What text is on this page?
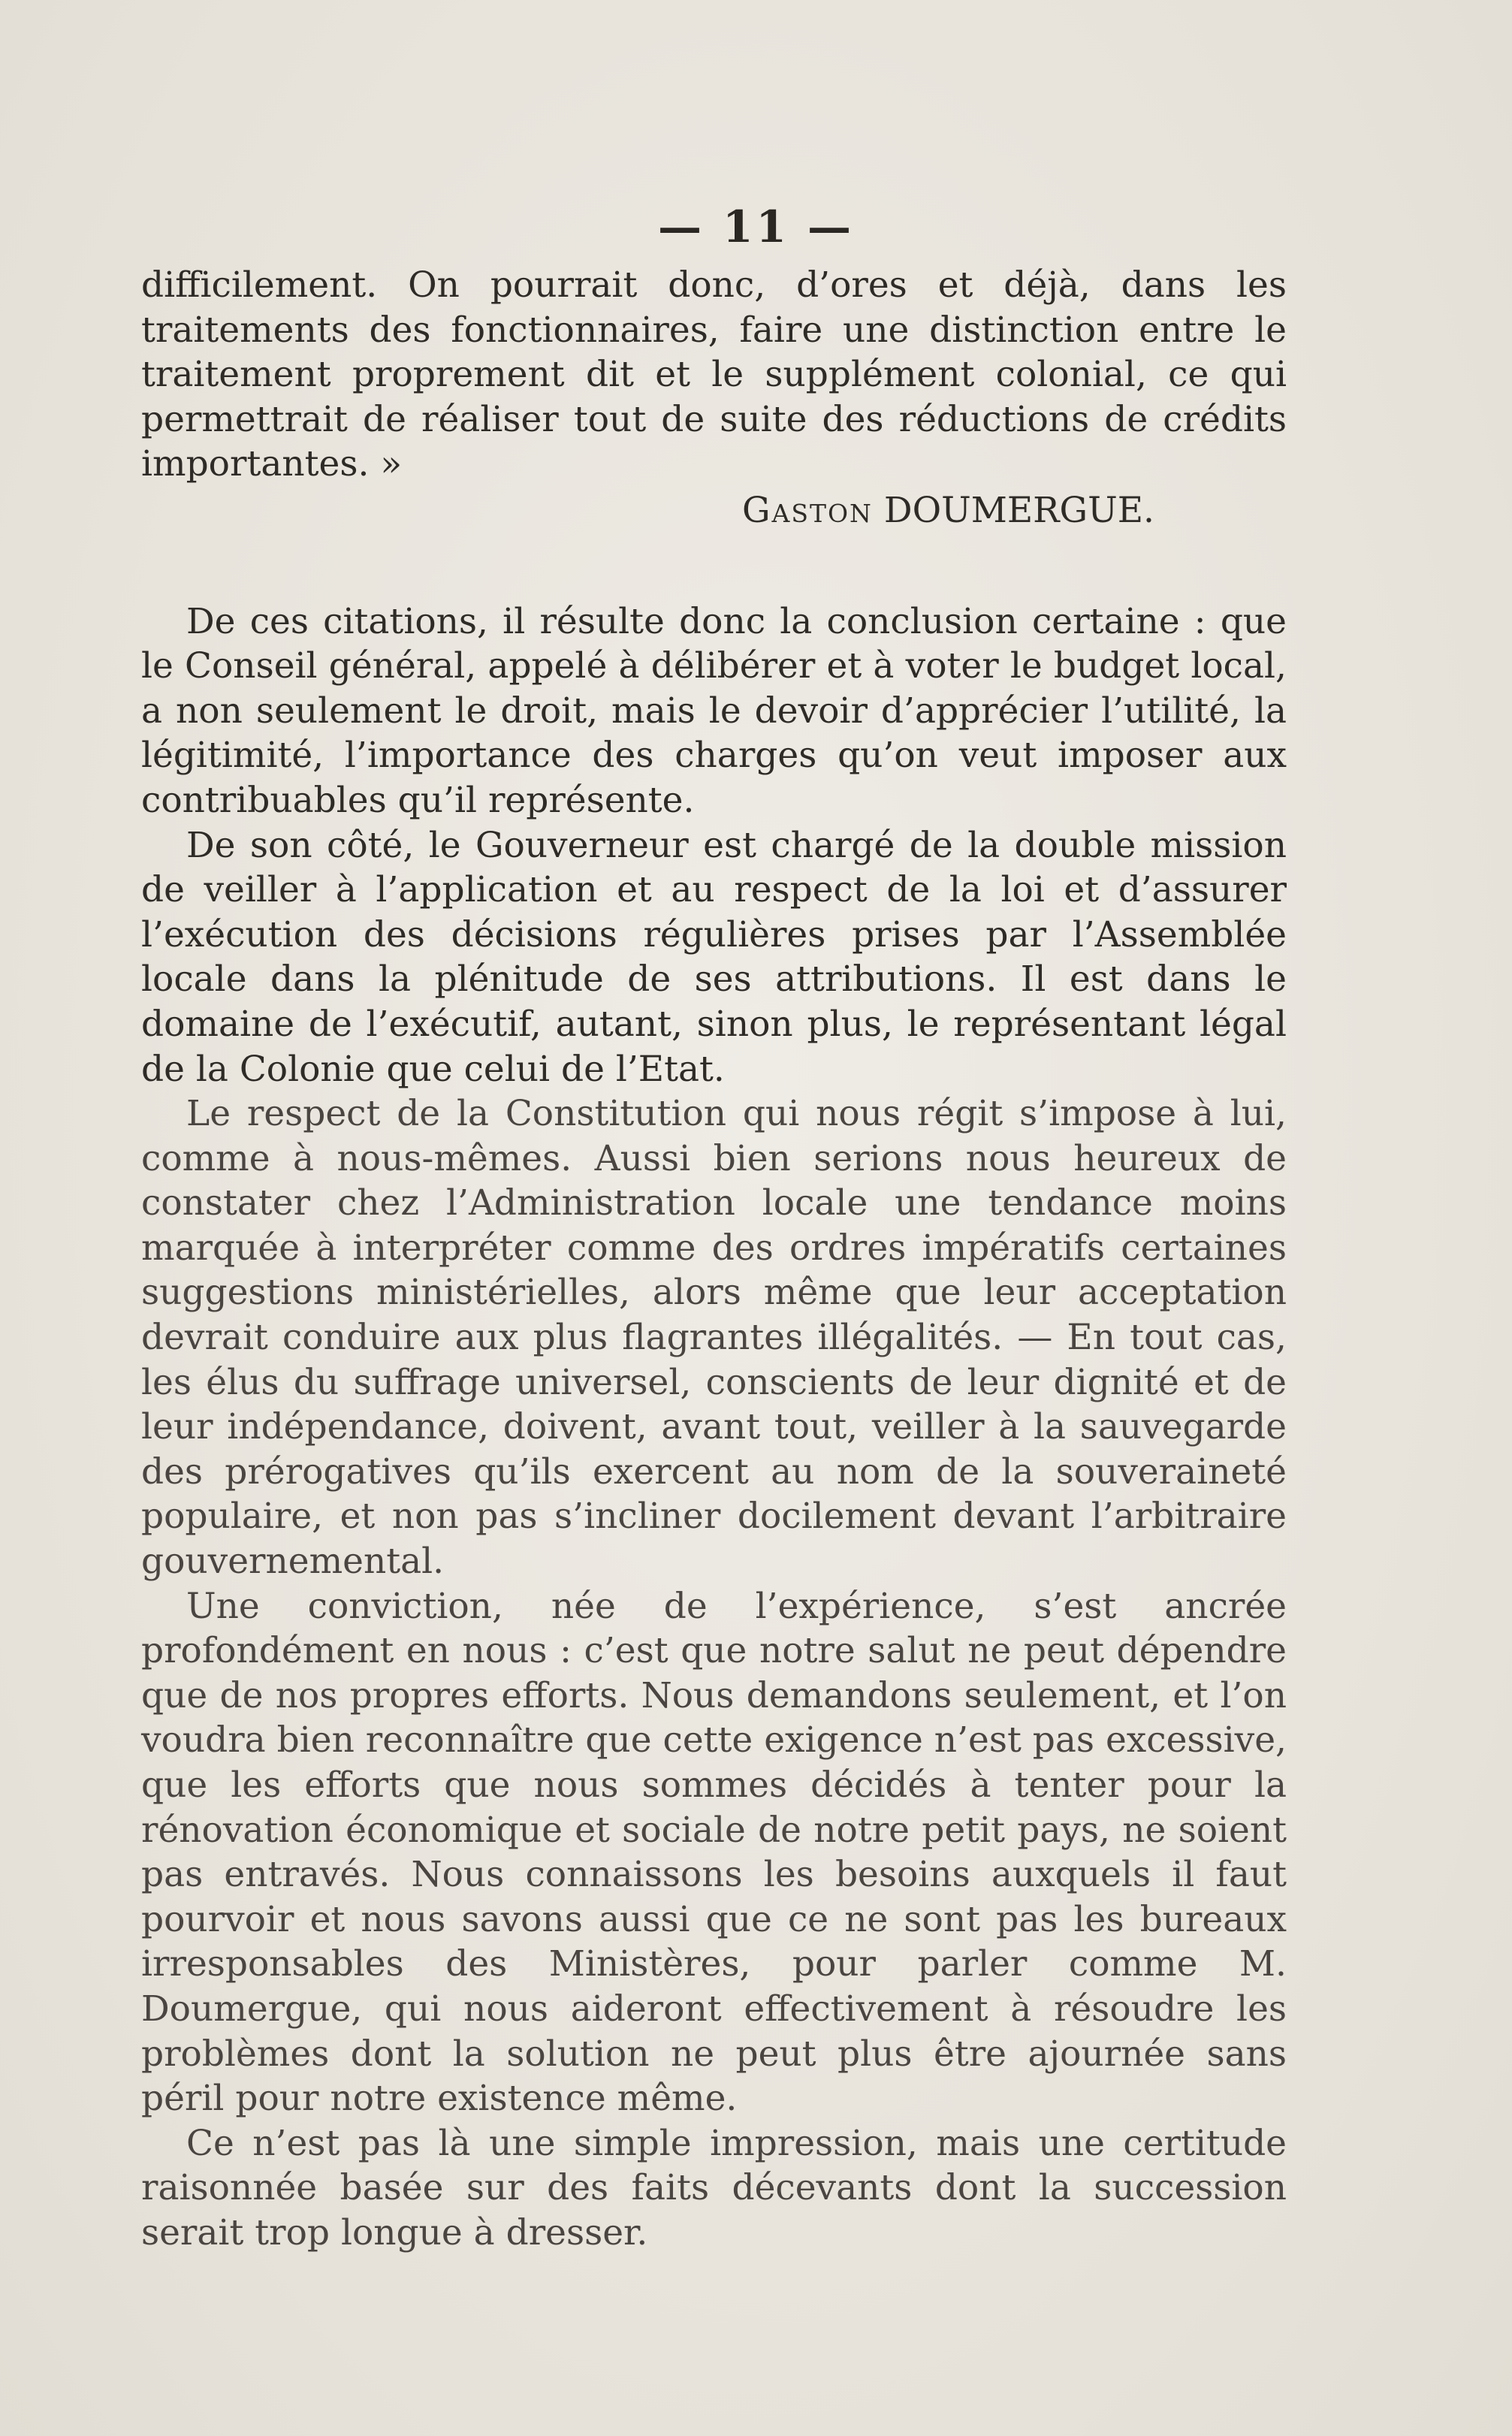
— 11 —

difficilement. On pourrait donc, d’ores et déjà, dans les traitements des fonctionnaires, faire une distinction entre le traitement proprement dit et le supplément colonial, ce qui permettrait de réaliser tout de suite des réductions de crédits importantes. »

Gaston DOUMERGUE.

De ces citations, il résulte donc la conclusion certaine : que le Conseil général, appelé à délibérer et à voter le budget local, a non seulement le droit, mais le devoir d’apprécier l’utilité, la légitimité, l’importance des charges qu’on veut imposer aux contribuables qu’il représente.

De son côté, le Gouverneur est chargé de la double mission de veiller à l’application et au respect de la loi et d’assurer l’exécution des décisions régulières prises par l’Assemblée locale dans la plénitude de ses attributions. Il est dans le domaine de l’exécutif, autant, sinon plus, le représentant légal de la Colonie que celui de l’Etat.

Le respect de la Constitution qui nous régit s’impose à lui, comme à nous-mêmes. Aussi bien serions nous heureux de constater chez l’Administration locale une tendance moins marquée à interpréter comme des ordres impératifs certaines suggestions ministérielles, alors même que leur acceptation devrait conduire aux plus flagrantes illégalités. — En tout cas, les élus du suffrage universel, conscients de leur dignité et de leur indépendance, doivent, avant tout, veiller à la sauvegarde des prérogatives qu’ils exercent au nom de la souveraineté populaire, et non pas s’incliner docilement devant l’arbitraire gouvernemental.

Une conviction, née de l’expérience, s’est ancrée profondément en nous : c’est que notre salut ne peut dépendre que de nos propres efforts. Nous demandons seulement, et l’on voudra bien reconnaître que cette exigence n’est pas excessive, que les efforts que nous sommes décidés à tenter pour la rénovation économique et sociale de notre petit pays, ne soient pas entravés. Nous connaissons les besoins auxquels il faut pourvoir et nous savons aussi que ce ne sont pas les bureaux irresponsables des Ministères, pour parler comme M. Doumergue, qui nous aideront effectivement à résoudre les problèmes dont la solution ne peut plus être ajournée sans péril pour notre existence même.

Ce n’est pas là une simple impression, mais une certitude raisonnée basée sur des faits décevants dont la succession serait trop longue à dresser.
